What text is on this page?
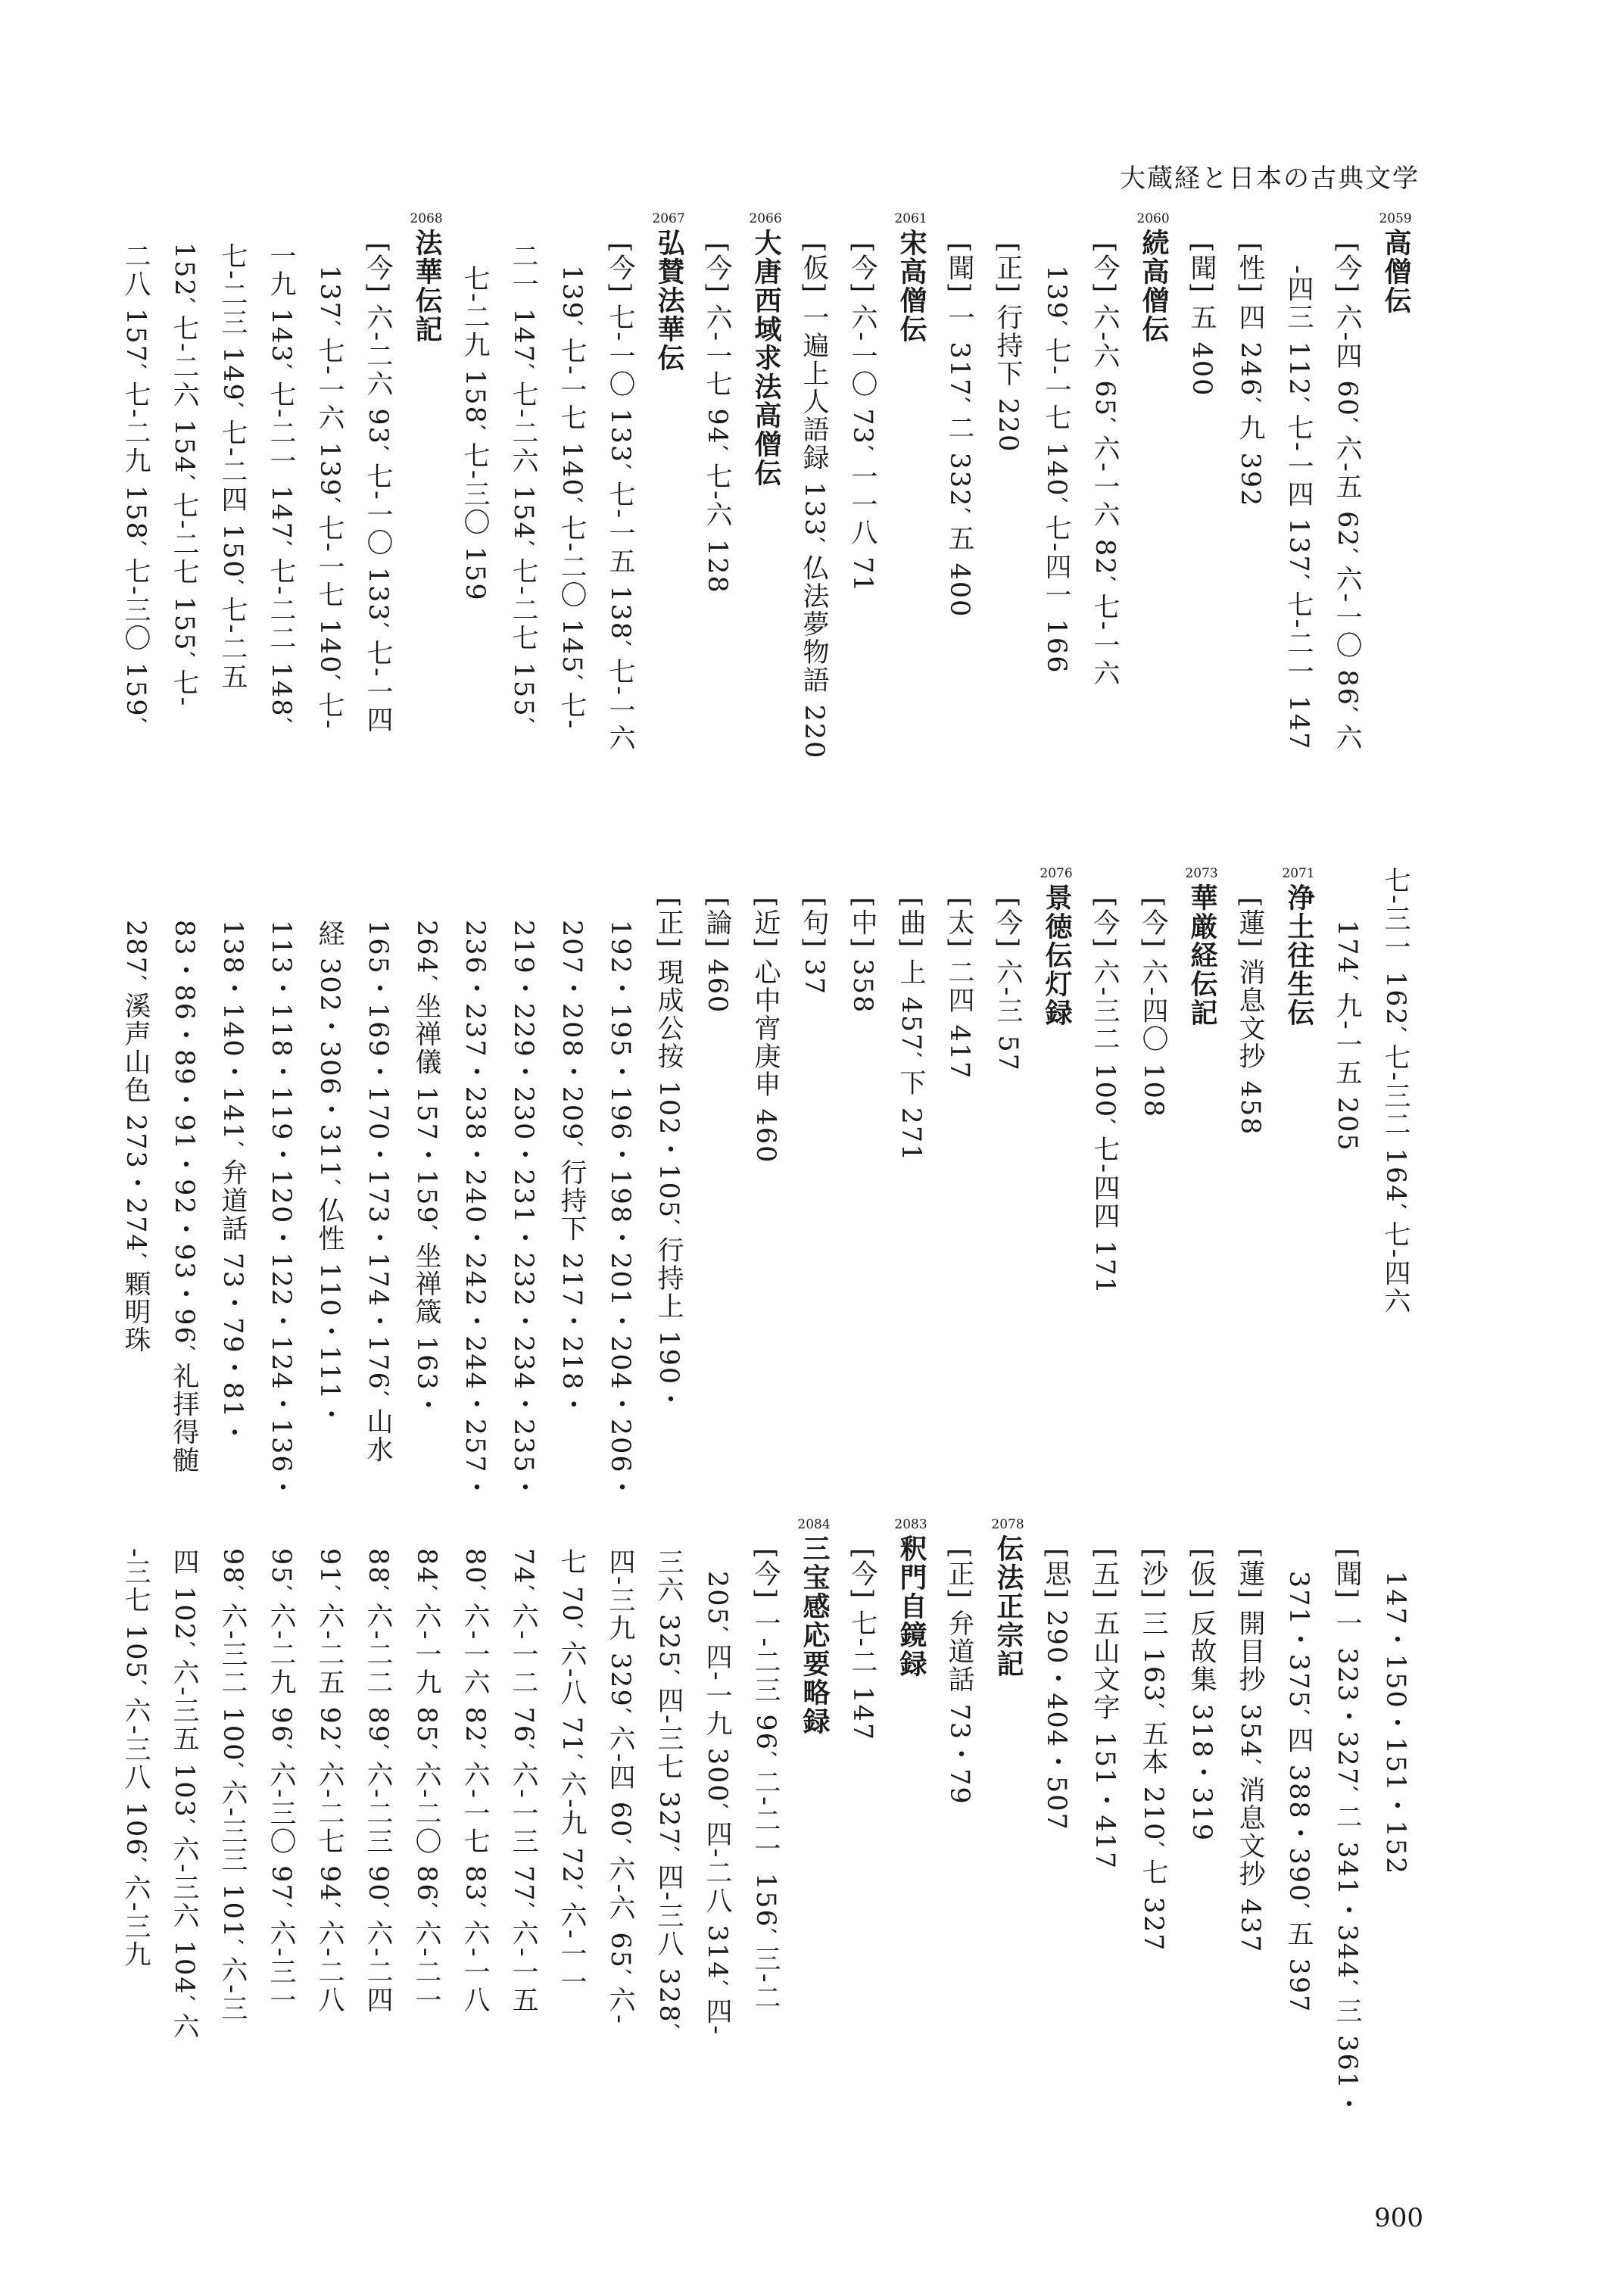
大蔵経と日本の古典文学
2059高僧伝
[今] 六-四 60′ 六-五 62′ 六-一〇 86′ 六
-四三 112′ 七-一四 137′ 七-二一 147
[性] 四 246′ 九 392
[聞] 五 400
2060続高僧伝
[今] 六-六 65′ 六-一六 82′ 七-一六
139′ 七-一七 140′ 七-四一 166
[正] 行持下 220
[聞] 一 317′ 二 332′ 五 400
2061宋高僧伝
[今] 六-一〇 73′ 一一八 71
[仮] 一遍上人語録 133′ 仏法夢物語 220
2066大唐西域求法高僧伝
[今] 六-一七 94′ 七-六 128
2067弘賛法華伝
[今] 七-一〇 133′ 七-一五 138′ 七-一六
139′ 七-一七 140′ 七-二〇 145′ 七-
二一 147′ 七-二六 154′ 七-二七 155′
七-二九 158′ 七-三〇 159
2068法華伝記
[今] 六-二六 93′ 七-一〇 133′ 七-一四
137′ 七-一六 139′ 七-一七 140′ 七-
一九 143′ 七-二一 147′ 七-二二 148′
七-二三 149′ 七-二四 150′ 七-二五
152′ 七-二六 154′ 七-二七 155′ 七-
二八 157′ 七-二九 158′ 七-三〇 159′
七-三一 162′ 七-三二 164′ 七-四六
174′ 九-一五 205
2071浄土往生伝
[蓮] 消息文抄 458
2073華厳経伝記
[今] 六-四〇 108
[今] 六-三二 100′ 七-四四 171
2076景徳伝灯録
[今] 六-三 57
[太] 二四 417
[曲] 上 457′ 下 271
[中] 358
[句] 37
[近] 心中宵庚申 460
[論] 460
[正] 現成公按 102・105′ 行持上 190・
192・195・196・198・201・204・206・
207・208・209′ 行持下 217・218・
219・229・230・231・232・234・235・
236・237・238・240・242・244・257・
264′ 坐禅儀 157・159′ 坐禅箴 163・
165・169・170・173・174・176′ 山水
経 302・306・311′ 仏性 110・111・
113・118・119・120・122・124・136・
138・140・141′ 弁道話 73・79・81・
83・86・89・91・92・93・96′ 礼拝得髄
287′ 溪声山色 273・274′ 顆明珠
147・150・151・152
[聞] 一 323・327′ 二 341・344′ 三 361・
371・375′ 四 388・390′ 五 397
[蓮] 開目抄 354′ 消息文抄 437
[仮] 反故集 318・319
[沙] 三 163′ 五本 210′ 七 327
[五] 五山文字 151・417
[思] 290・404・507
2078伝法正宗記
[正] 弁道話 73・79
2083釈門自鏡録
[今] 七-二 147
2084三宝感応要略録
[今] 一-二三 96′ 二-二一 156′ 三-二
205′ 四-一九 300′ 四-二八 314′ 四-
三六 325′ 四-三七 327′ 四-三八 328′
四-三九 329′ 六-四 60′ 六-六 65′ 六-
七 70′ 六-八 71′ 六-九 72′ 六-一一
74′ 六-一二 76′ 六-一三 77′ 六-一五
80′ 六-一六 82′ 六-一七 83′ 六-一八
84′ 六-一九 85′ 六-二〇 86′ 六-二一
88′ 六-二二 89′ 六-二三 90′ 六-二四
91′ 六-二五 92′ 六-二七 94′ 六-二八
95′ 六-二九 96′ 六-三〇 97′ 六-三一
98′ 六-三二 100′ 六-三三 101′ 六-三
四 102′ 六-三五 103′ 六-三六 104′ 六
-三七 105′ 六-三八 106′ 六-三九
900
